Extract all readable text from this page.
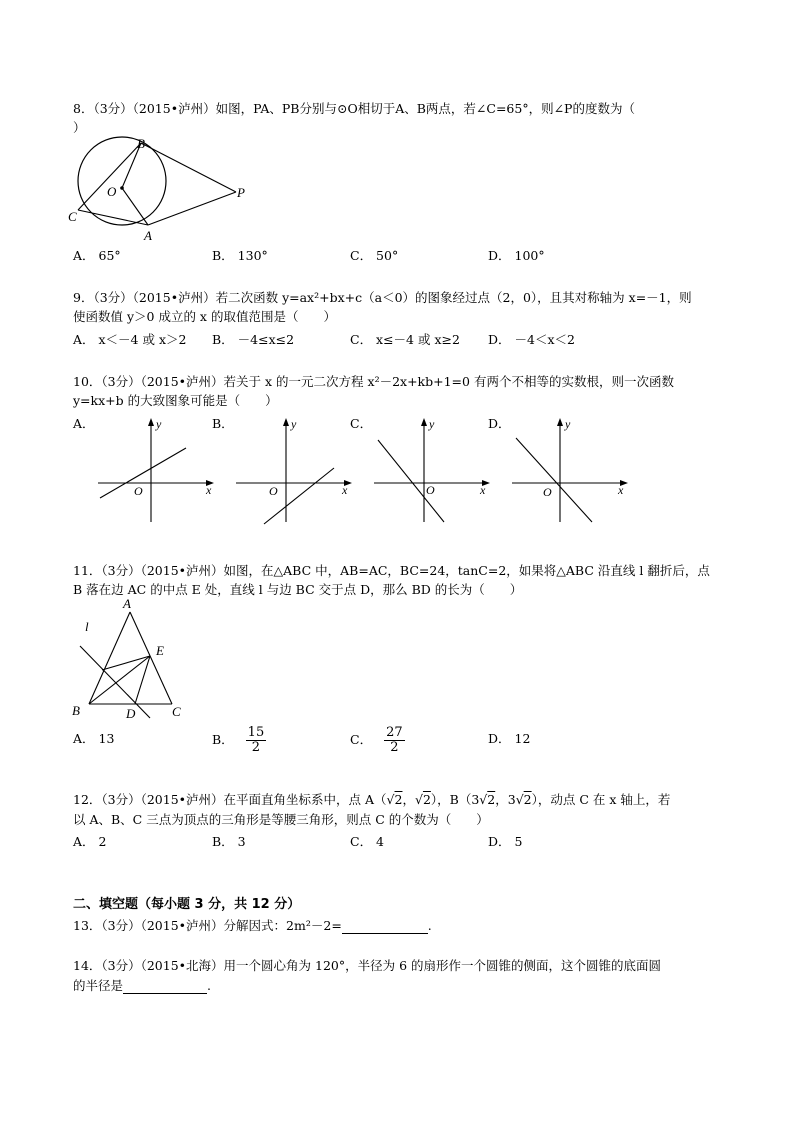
8．（3分）（2015•泸州）如图，PA、PB分别与⊙O相切于A、B两点，若∠C=65°，则∠P的度数为（
）
B
O	P
C
A
A． 65°	B． 130°	C． 50°	D． 100°
9．（3分）（2015•泸州）若二次函数 y=ax²+bx+c（a＜0）的图象经过点（2，0），且其对称轴为 x=－1，则
使函数值 y＞0 成立的 x 的取值范围是（　　）
A． x＜－4 或 x＞2 B． －4≤x≤2	C． x≤－4 或 x≥2 D． －4＜x＜2
10．（3分）（2015•泸州）若关于 x 的一元二次方程 x²－2x+kb+1=0 有两个不相等的实数根，则一次函数
y=kx+b 的大致图象可能是（　　）
A．	B．	C．	D．
y
x
O
y
x
O
y
x
O
y
x
O
11．（3分）（2015•泸州）如图，在△ABC 中，AB=AC，BC=24，tanC=2，如果将△ABC 沿直线 l 翻折后，点
B 落在边 AC 的中点 E 处，直线 l 与边 BC 交于点 D，那么 BD 的长为（　　）
A
l
E
B	D	C
A． 13	B． $\frac{15}{2}$	C． $\frac{27}{2}$	D． 12
12．（3分）（2015•泸州）在平面直角坐标系中，点 A（√2，√2），B（3√2，3√2），动点 C 在 x 轴上，若
以 A、B、C 三点为顶点的三角形是等腰三角形，则点 C 的个数为（　　）
A． 2	B． 3	C． 4	D． 5
二、填空题（每小题 3 分，共 12 分）
13．（3分）（2015•泸州）分解因式：2m²－2=	.
14．（3分）（2015•北海）用一个圆心角为 120°，半径为 6 的扇形作一个圆锥的侧面，这个圆锥的底面圆
的半径是	.
